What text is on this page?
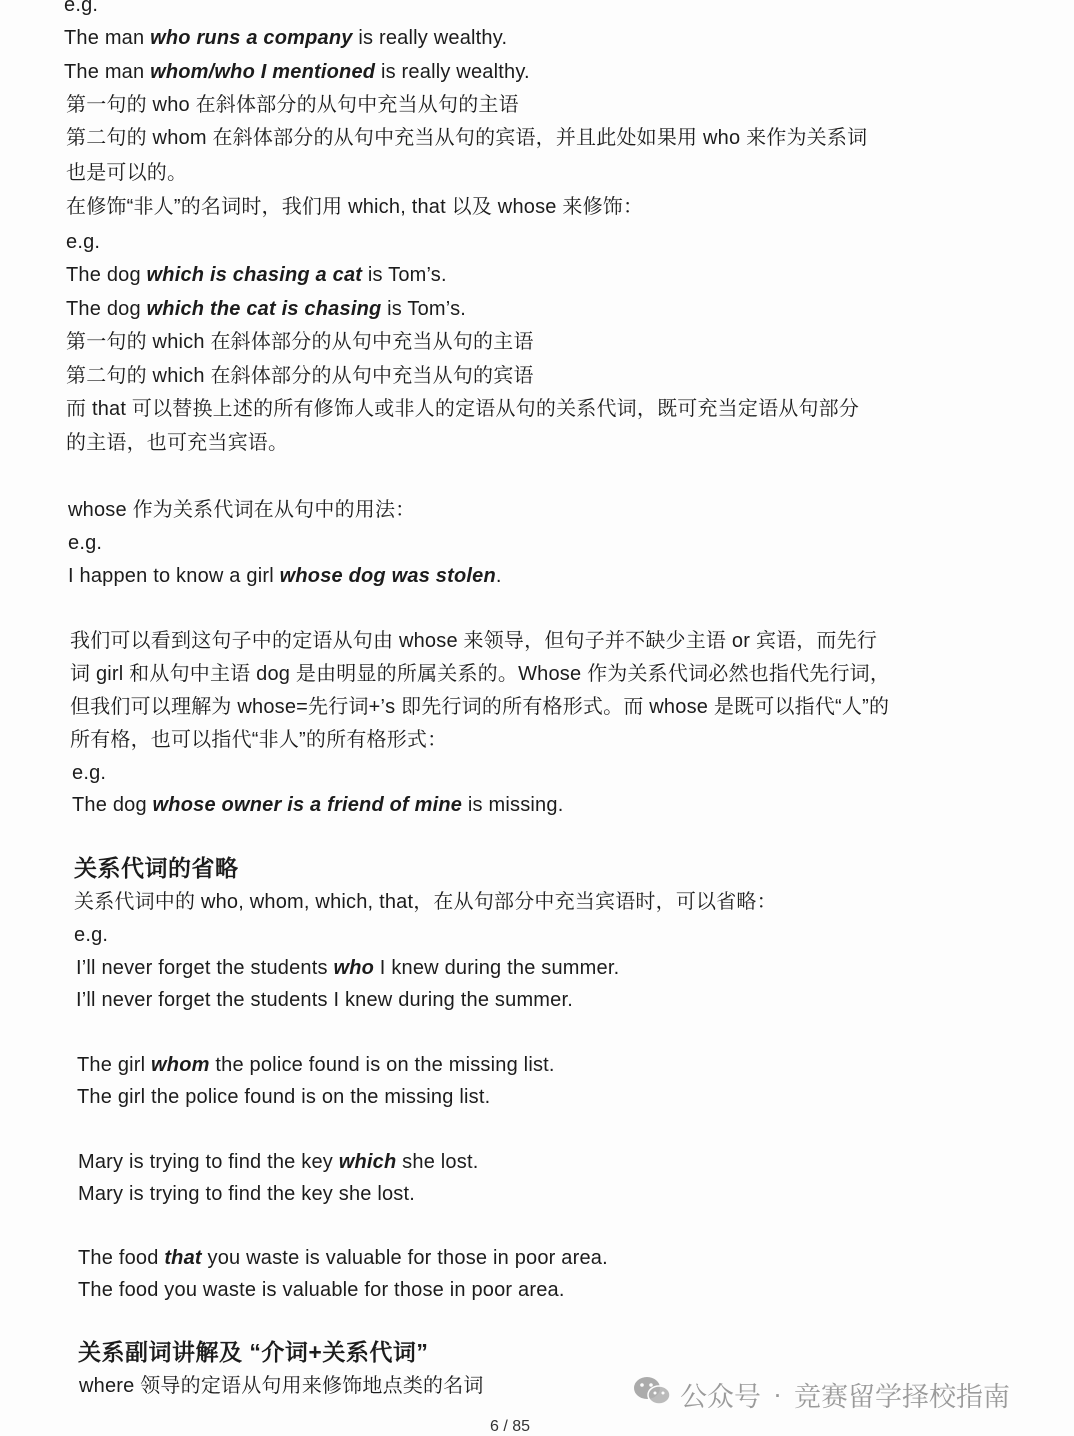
e.g.
The man who runs a company is really wealthy.
The man whom/who I mentioned is really wealthy.
第一句的 who 在斜体部分的从句中充当从句的主语
第二句的 whom 在斜体部分的从句中充当从句的宾语，并且此处如果用 who 来作为关系词
也是可以的。
在修饰“非人”的名词时，我们用 which, that 以及 whose 来修饰：
e.g.
The dog which is chasing a cat is Tom’s.
The dog which the cat is chasing is Tom’s.
第一句的 which 在斜体部分的从句中充当从句的主语
第二句的 which 在斜体部分的从句中充当从句的宾语
而 that 可以替换上述的所有修饰人或非人的定语从句的关系代词，既可充当定语从句部分
的主语，也可充当宾语。
whose 作为关系代词在从句中的用法：
e.g.
I happen to know a girl whose dog was stolen.
我们可以看到这句子中的定语从句由 whose 来领导，但句子并不缺少主语 or 宾语，而先行
词 girl 和从句中主语 dog 是由明显的所属关系的。Whose 作为关系代词必然也指代先行词，
但我们可以理解为 whose=先行词+’s 即先行词的所有格形式。而 whose 是既可以指代“人”的
所有格，也可以指代“非人”的所有格形式：
e.g.
The dog whose owner is a friend of mine is missing.
关系代词的省略
关系代词中的 who, whom, which, that，在从句部分中充当宾语时，可以省略：
e.g.
I’ll never forget the students who I knew during the summer.
I’ll never forget the students I knew during the summer.
The girl whom the police found is on the missing list.
The girl the police found is on the missing list.
Mary is trying to find the key which she lost.
Mary is trying to find the key she lost.
The food that you waste is valuable for those in poor area.
The food you waste is valuable for those in poor area.
关系副词讲解及 “介词+关系代词”
where 领导的定语从句用来修饰地点类的名词	公众号 · 竞赛留学择校指南
6 / 85
